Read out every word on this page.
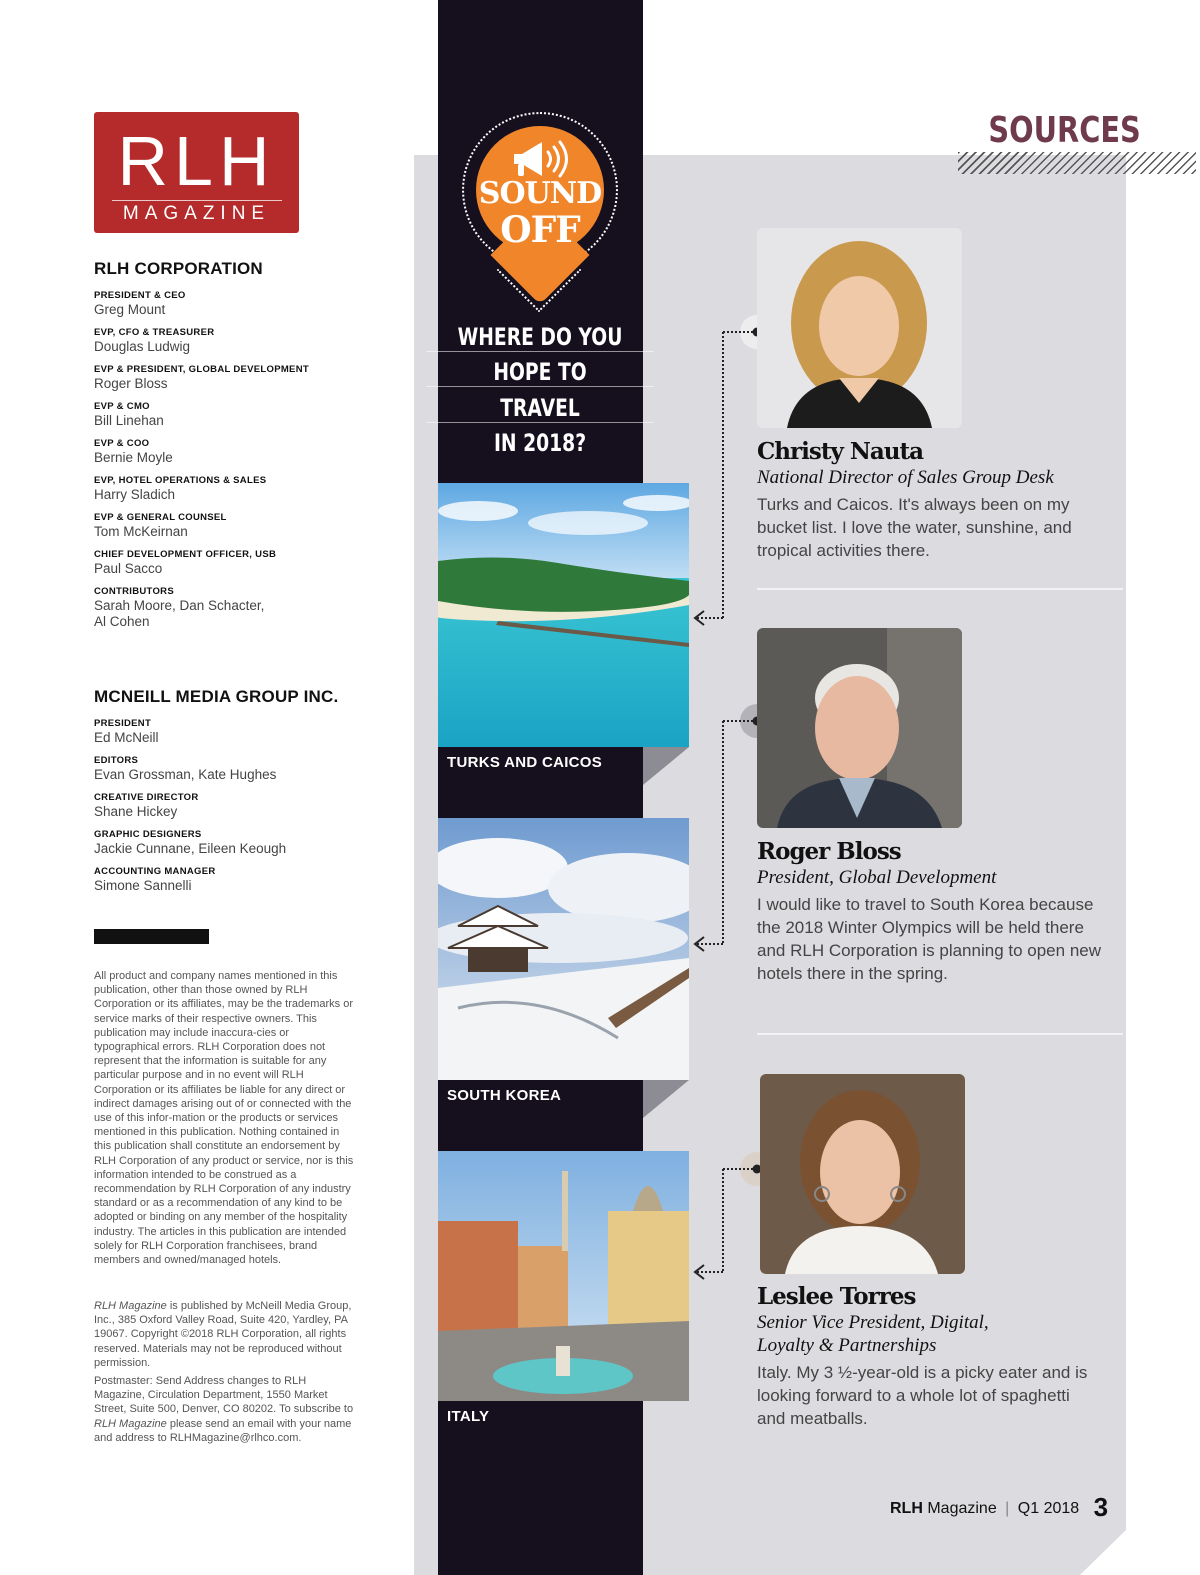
RLH
MAGAZINE
RLH CORPORATION
PRESIDENT & CEO
Greg Mount
EVP, CFO & TREASURER
Douglas Ludwig
EVP & PRESIDENT, GLOBAL DEVELOPMENT
Roger Bloss
EVP & CMO
Bill Linehan
EVP & COO
Bernie Moyle
EVP, HOTEL OPERATIONS & SALES
Harry Sladich
EVP & GENERAL COUNSEL
Tom McKeirnan
CHIEF DEVELOPMENT OFFICER, USB
Paul Sacco
CONTRIBUTORS
Sarah Moore, Dan Schacter, Al Cohen
MCNEILL MEDIA GROUP INC.
PRESIDENT
Ed McNeill
EDITORS
Evan Grossman, Kate Hughes
CREATIVE DIRECTOR
Shane Hickey
GRAPHIC DESIGNERS
Jackie Cunnane, Eileen Keough
ACCOUNTING MANAGER
Simone Sannelli
All product and company names mentioned in this publication, other than those owned by RLH Corporation or its affiliates, may be the trademarks or service marks of their respective owners. This publication may include inaccura-cies or typographical errors. RLH Corporation does not represent that the information is suitable for any particular purpose and in no event will RLH Corporation or its affiliates be liable for any direct or indirect damages arising out of or connected with the use of this infor-mation or the products or services mentioned in this publication. Nothing contained in this publication shall constitute an endorsement by RLH Corporation of any product or service, nor is this information intended to be construed as a recommendation by RLH Corporation of any industry standard or as a recommendation of any kind to be adopted or binding on any member of the hospitality industry. The articles in this publication are intended solely for RLH Corporation franchisees, brand members and owned/managed hotels.
RLH Magazine is published by McNeill Media Group, Inc., 385 Oxford Valley Road, Suite 420, Yardley, PA 19067. Copyright ©2018 RLH Corporation, all rights reserved. Materials may not be reproduced without permission.
Postmaster: Send Address changes to RLH Magazine, Circulation Department, 1550 Market Street, Suite 500, Denver, CO 80202. To subscribe to RLH Magazine please send an email with your name and address to RLHMagazine@rlhco.com.
SOUND
OFF
WHERE DO YOU
HOPE TO
TRAVEL
IN 2018?
TURKS AND CAICOS
SOUTH KOREA
ITALY
SOURCES
Christy Nauta
National Director of Sales Group Desk
Turks and Caicos. It's always been on my bucket list. I love the water, sunshine, and tropical activities there.
Roger Bloss
President, Global Development
I would like to travel to South Korea because the 2018 Winter Olympics will be held there and RLH Corporation is planning to open new hotels there in the spring.
Leslee Torres
Senior Vice President, Digital, Loyalty & Partnerships
Italy. My 3 ½-year-old is a picky eater and is looking forward to a whole lot of spaghetti and meatballs.
RLH Magazine | Q1 2018 3
